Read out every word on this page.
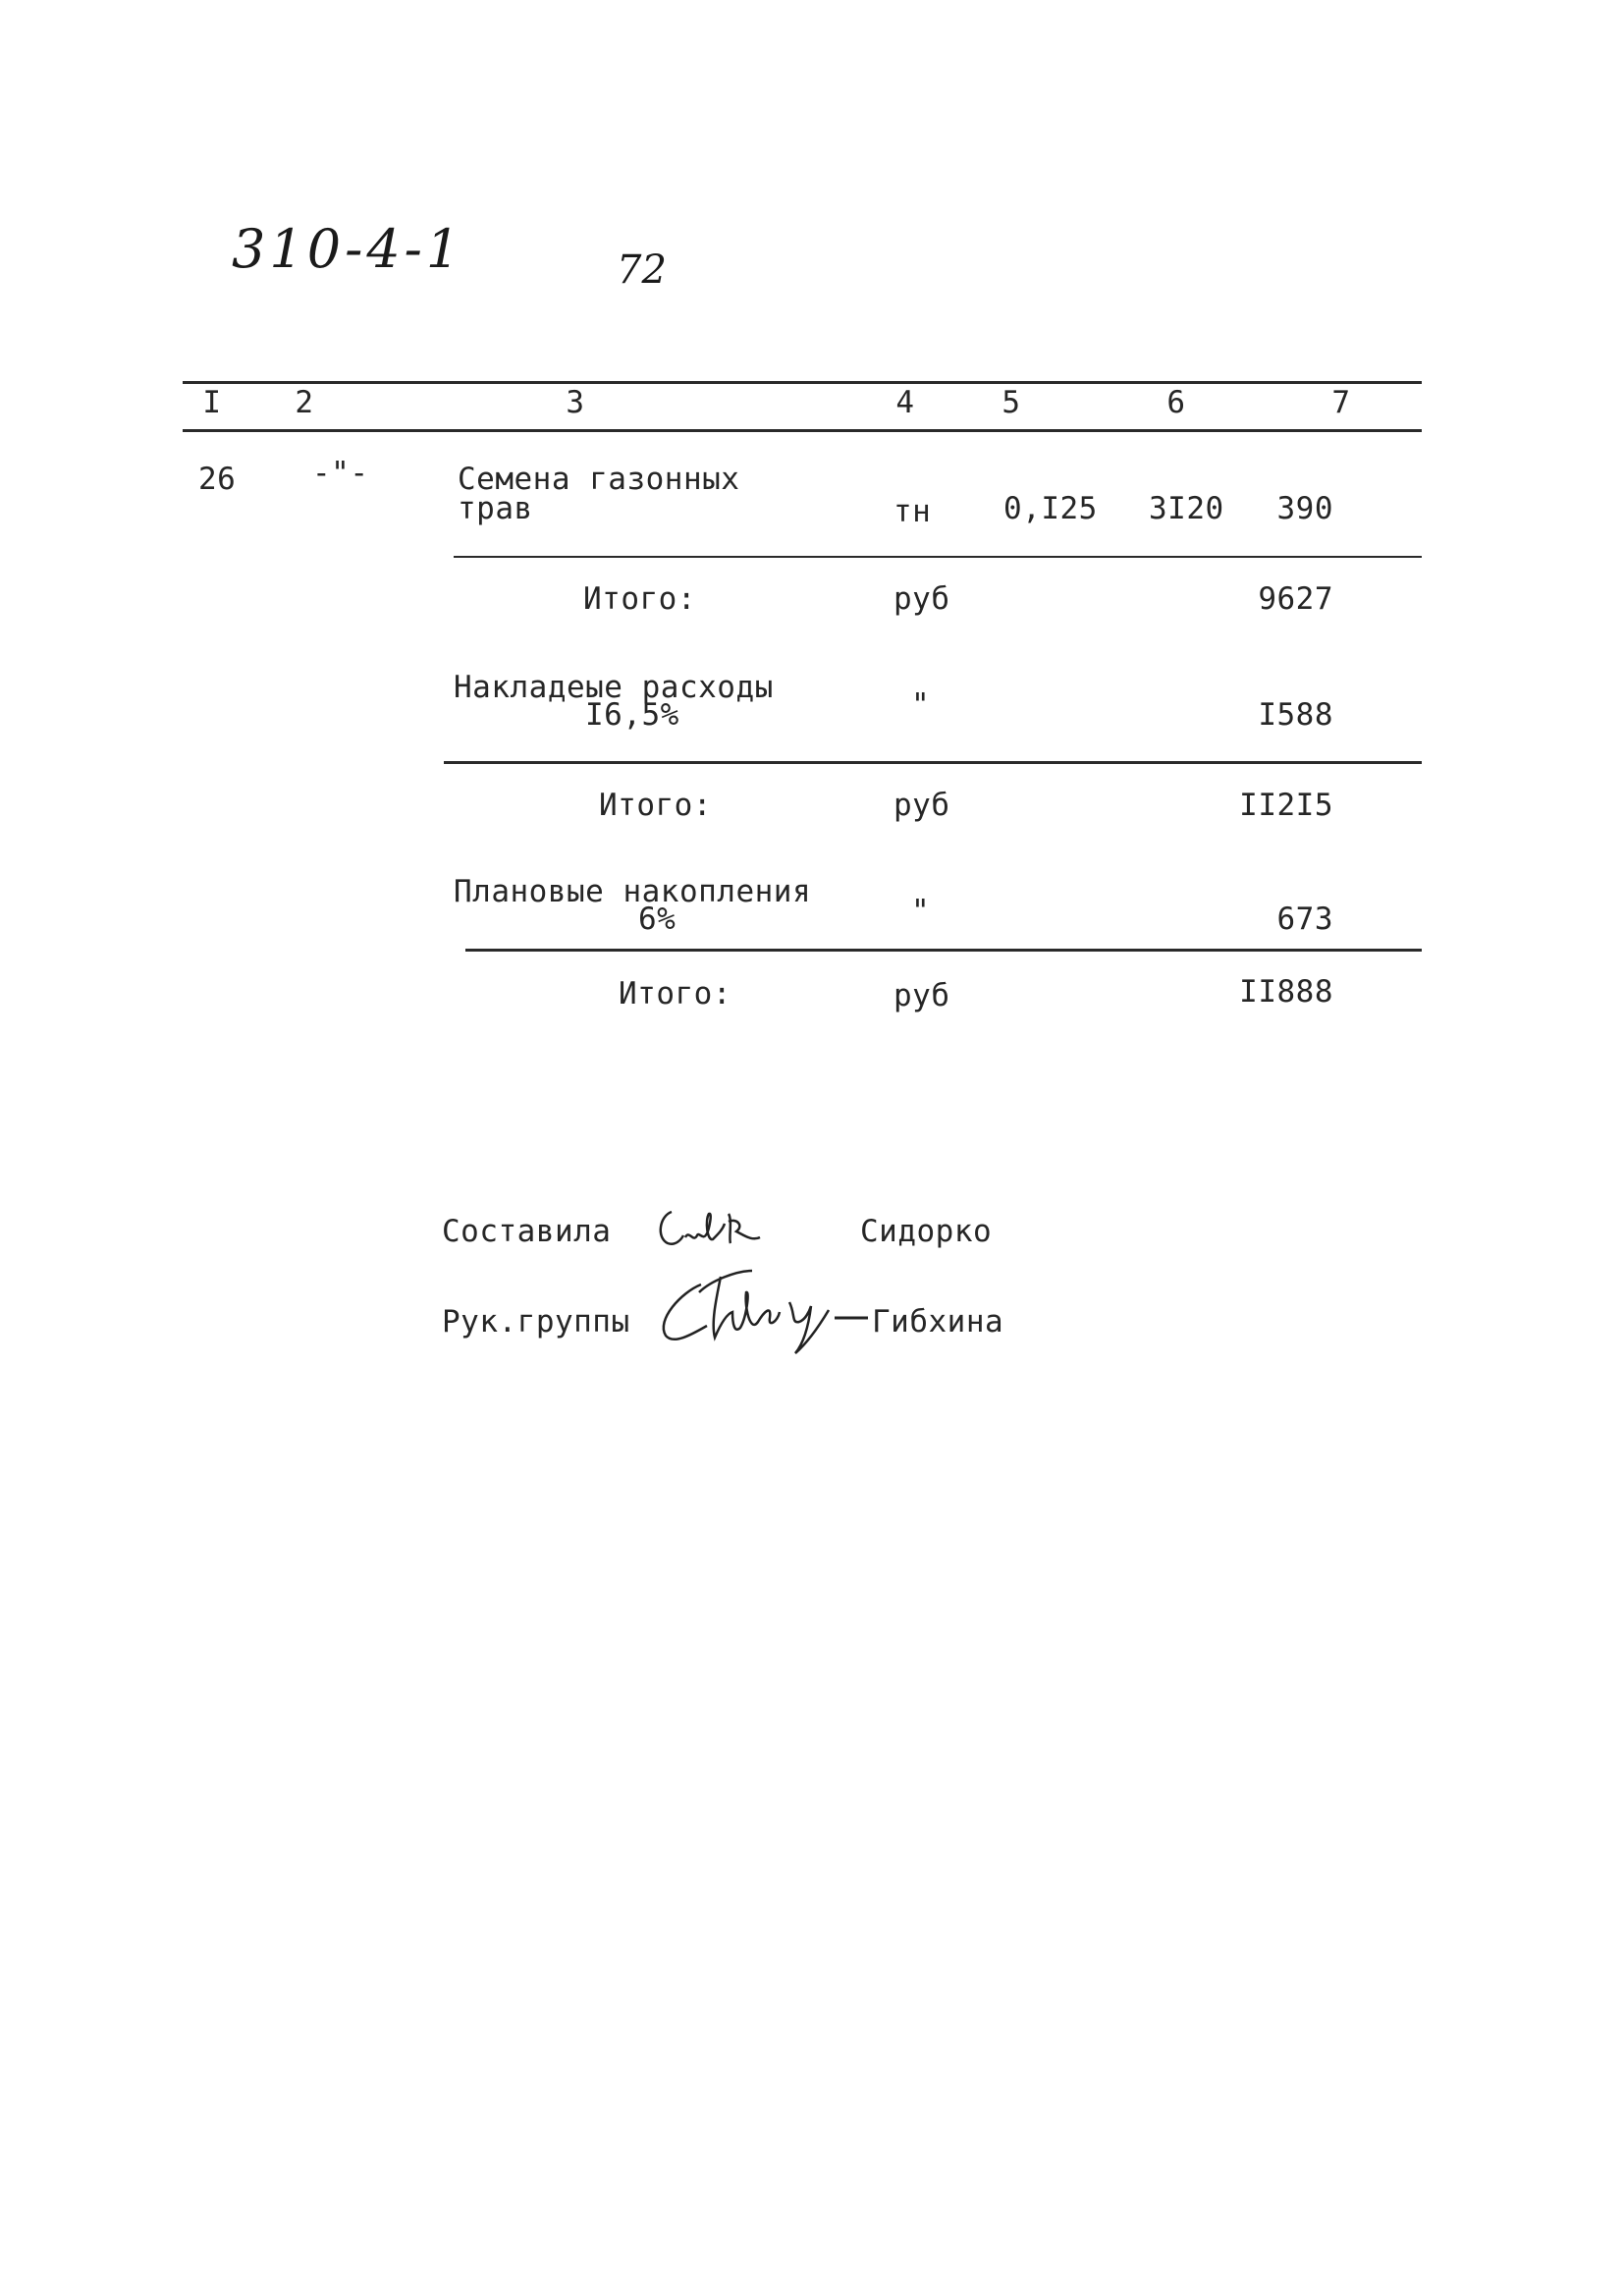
310-4-1	72
I	2	3	4	5	6	7
26	-"-	Семена газонных
трав	тн 0,I25 3I20	390
Итого:	руб	9627
Накладеые расходы
I6,5%	"	I588
Итого:	руб	II2I5
Плановые накопления
6%	"	673
Итого:	руб	II888
Составила	Сидорко
Рук.группы	Гибхина
